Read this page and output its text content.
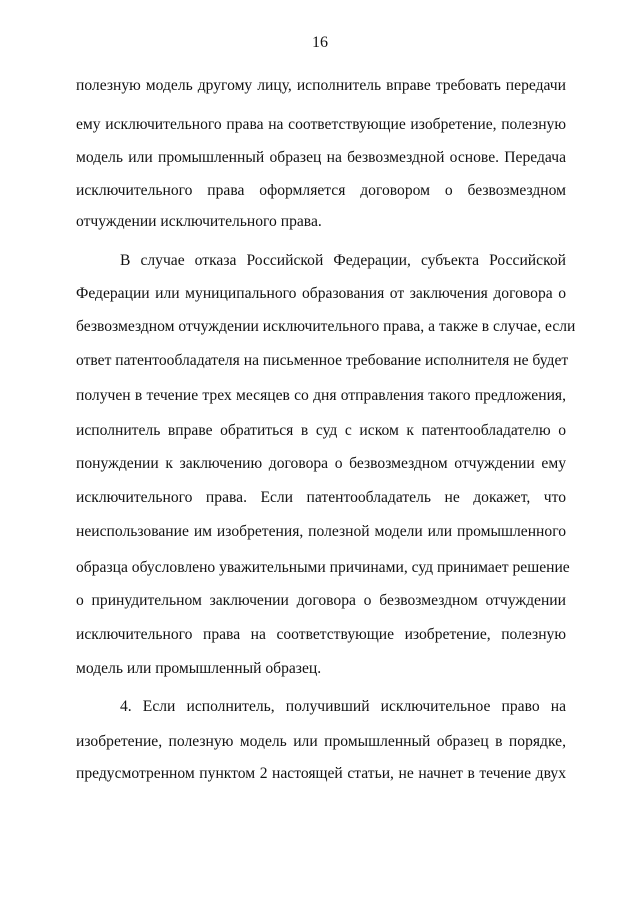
16
полезную модель другому лицу, исполнитель вправе требовать передачи
ему исключительного права на соответствующие изобретение, полезную
модель или промышленный образец на безвозмездной основе. Передача
исключительного права оформляется договором о безвозмездном
отчуждении исключительного права.
В случае отказа Российской Федерации, субъекта Российской
Федерации или муниципального образования от заключения договора о
безвозмездном отчуждении исключительного права, а также в случае, если
ответ патентообладателя на письменное требование исполнителя не будет
получен в течение трех месяцев со дня отправления такого предложения,
исполнитель вправе обратиться в суд с иском к патентообладателю о
понуждении к заключению договора о безвозмездном отчуждении ему
исключительного права. Если патентообладатель не докажет, что
неиспользование им изобретения, полезной модели или промышленного
образца обусловлено уважительными причинами, суд принимает решение
о принудительном заключении договора о безвозмездном отчуждении
исключительного права на соответствующие изобретение, полезную
модель или промышленный образец.
4. Если исполнитель, получивший исключительное право на
изобретение, полезную модель или промышленный образец в порядке,
предусмотренном пунктом 2 настоящей статьи, не начнет в течение двух
